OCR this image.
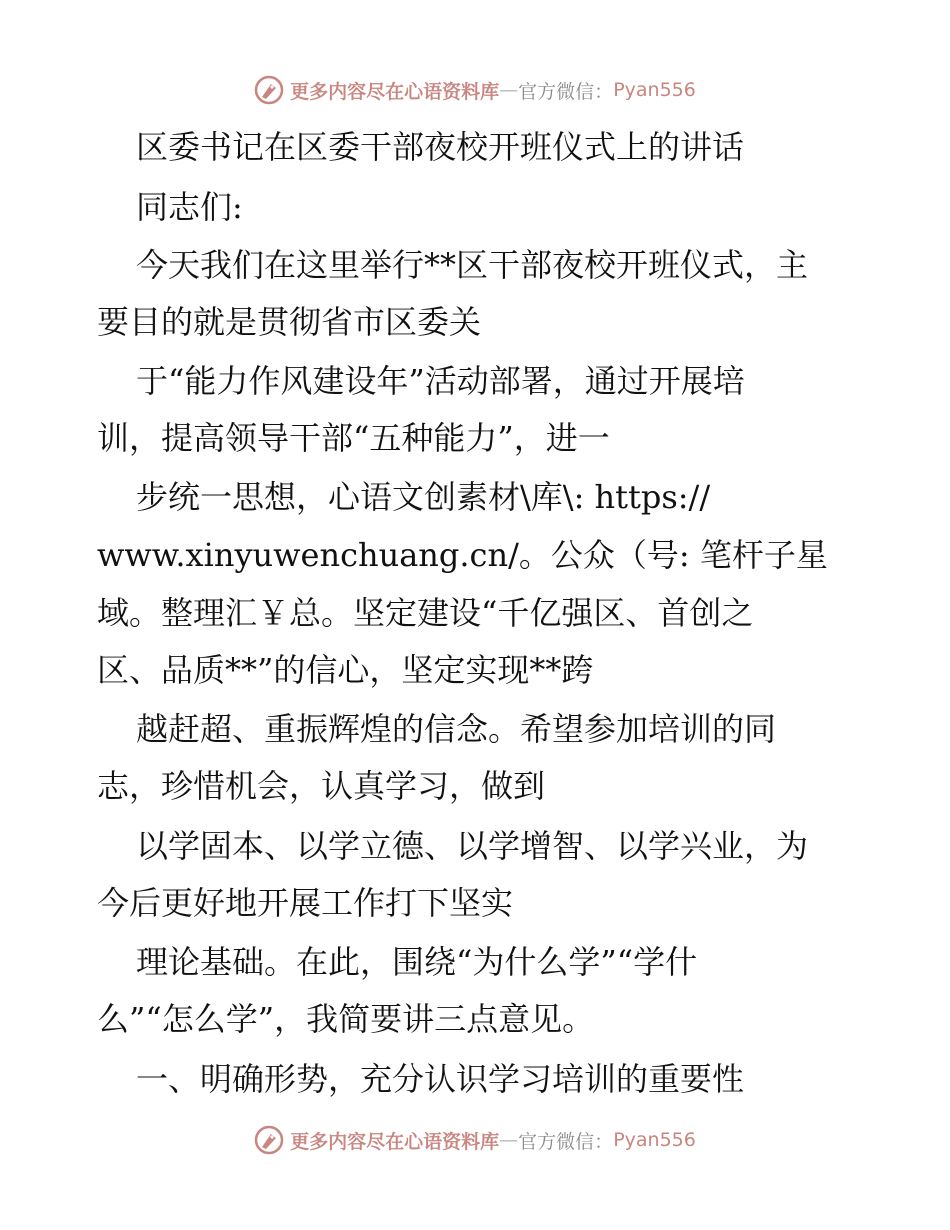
更多内容尽在心语资料库 — 官方微信： Pyan556
区委书记在区委干部夜校开班仪式上的讲话
同志们:
今天我们在这里举行**区干部夜校开班仪式，主
要目的就是贯彻省市区委关
于“能力作风建设年”活动部署，通过开展培
训，提高领导干部“五种能力”，进一
步统一思想，心语文创素材\库\: https://
www.xinyuwenchuang.cn/。公众（号: 笔杆子星
域。整理汇￥总。坚定建设“千亿强区、首创之
区、品质**”的信心，坚定实现**跨
越赶超、重振辉煌的信念。希望参加培训的同
志，珍惜机会，认真学习，做到
以学固本、以学立德、以学增智、以学兴业，为
今后更好地开展工作打下坚实
理论基础。在此，围绕“为什么学”“学什
么”“怎么学”，我简要讲三点意见。
一、明确形势，充分认识学习培训的重要性
更多内容尽在心语资料库 — 官方微信： Pyan556
